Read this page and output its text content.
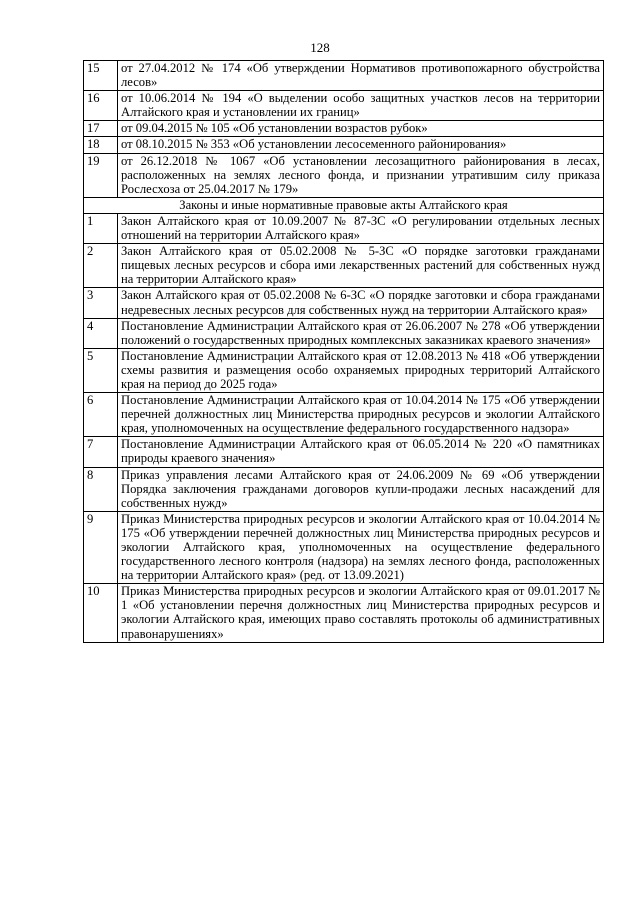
128
15	от 27.04.2012 № 174 «Об утверждении Нормативов противопожарного обустройства лесов»
16	от 10.06.2014 № 194 «О выделении особо защитных участков лесов на территории Алтайского края и установлении их границ»
17	от 09.04.2015 № 105 «Об установлении возрастов рубок»
18	от 08.10.2015 № 353 «Об установлении лесосеменного районирования»
19	от 26.12.2018 № 1067 «Об установлении лесозащитного районирования в лесах, расположенных на землях лесного фонда, и признании утратившим силу приказа Рослесхоза от 25.04.2017 № 179»
Законы и иные нормативные правовые акты Алтайского края	
1	Закон Алтайского края от 10.09.2007 № 87-ЗС «О регулировании отдельных лесных отношений на территории Алтайского края»
2	Закон Алтайского края от 05.02.2008 № 5-ЗС «О порядке заготовки гражданами пищевых лесных ресурсов и сбора ими лекарственных растений для собственных нужд на территории Алтайского края»
3	Закон Алтайского края от 05.02.2008 № 6-ЗС «О порядке заготовки и сбора гражданами недревесных лесных ресурсов для собственных нужд на территории Алтайского края»
4	Постановление Администрации Алтайского края от 26.06.2007 № 278 «Об утверждении положений о государственных природных комплексных заказниках краевого значения»
5	Постановление Администрации Алтайского края от 12.08.2013 № 418 «Об утверждении схемы развития и размещения особо охраняемых природных территорий Алтайского края на период до 2025 года»
6	Постановление Администрации Алтайского края от 10.04.2014 № 175 «Об утверждении перечней должностных лиц Министерства природных ресурсов и экологии Алтайского края, уполномоченных на осуществление федерального государственного надзора»
7	Постановление Администрации Алтайского края от 06.05.2014 № 220 «О памятниках природы краевого значения»
8	Приказ управления лесами Алтайского края от 24.06.2009 № 69 «Об утверждении Порядка заключения гражданами договоров купли-продажи лесных насаждений для собственных нужд»
9	Приказ Министерства природных ресурсов и экологии Алтайского края от 10.04.2014 № 175 «Об утверждении перечней должностных лиц Министерства природных ресурсов и экологии Алтайского края, уполномоченных на осуществление федерального государственного лесного контроля (надзора) на землях лесного фонда, расположенных на территории Алтайского края» (ред. от 13.09.2021)
10	Приказ Министерства природных ресурсов и экологии Алтайского края от 09.01.2017 № 1 «Об установлении перечня должностных лиц Министерства природных ресурсов и экологии Алтайского края, имеющих право составлять протоколы об административных правонарушениях»
